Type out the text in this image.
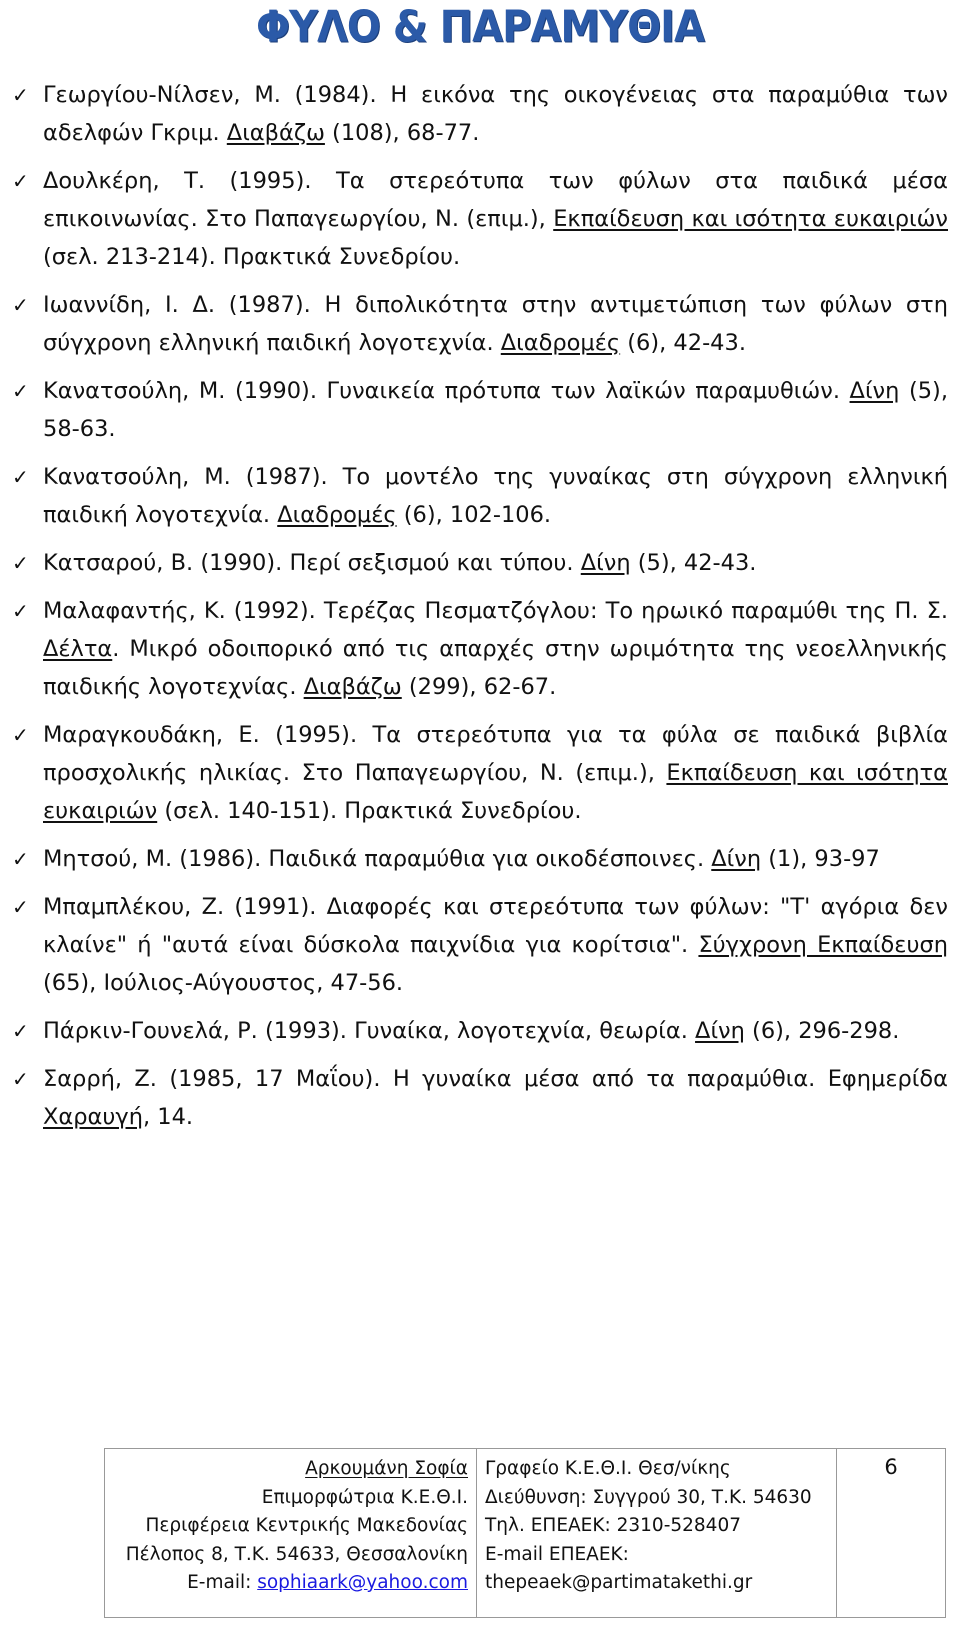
ΦΥΛΟ & ΠΑΡΑΜΥΘΙΑ
✓ Γεωργίου-Νίλσεν, Μ. (1984). Η εικόνα της οικογένειας στα παραμύθια των αδελφών Γκριμ. Διαβάζω (108), 68-77.
✓ Δουλκέρη, Τ. (1995). Τα στερεότυπα των φύλων στα παιδικά μέσα επικοινωνίας. Στο Παπαγεωργίου, Ν. (επιμ.), Εκπαίδευση και ισότητα ευκαιριών (σελ. 213-214). Πρακτικά Συνεδρίου.
✓ Ιωαννίδη, Ι. Δ. (1987). Η διπολικότητα στην αντιμετώπιση των φύλων στη σύγχρονη ελληνική παιδική λογοτεχνία. Διαδρομές (6), 42-43.
✓ Κανατσούλη, Μ. (1990). Γυναικεία πρότυπα των λαϊκών παραμυθιών. Δίνη (5), 58-63.
✓ Κανατσούλη, Μ. (1987). Το μοντέλο της γυναίκας στη σύγχρονη ελληνική παιδική λογοτεχνία. Διαδρομές (6), 102-106.
✓ Κατσαρού, Β. (1990). Περί σεξισμού και τύπου. Δίνη (5), 42-43.
✓ Μαλαφαντής, Κ. (1992). Τερέζας Πεσματζόγλου: Το ηρωικό παραμύθι της Π. Σ. Δέλτα. Μικρό οδοιπορικό από τις απαρχές στην ωριμότητα της νεοελληνικής παιδικής λογοτεχνίας. Διαβάζω (299), 62-67.
✓ Μαραγκουδάκη, Ε. (1995). Τα στερεότυπα για τα φύλα σε παιδικά βιβλία προσχολικής ηλικίας. Στο Παπαγεωργίου, Ν. (επιμ.), Εκπαίδευση και ισότητα ευκαιριών (σελ. 140-151). Πρακτικά Συνεδρίου.
✓ Μητσού, Μ. (1986). Παιδικά παραμύθια για οικοδέσποινες. Δίνη (1), 93-97
✓ Μπαμπλέκου, Ζ. (1991). Διαφορές και στερεότυπα των φύλων: "Τ' αγόρια δεν κλαίνε" ή "αυτά είναι δύσκολα παιχνίδια για κορίτσια". Σύγχρονη Εκπαίδευση (65), Ιούλιος-Αύγουστος, 47-56.
✓ Πάρκιν-Γουνελά, Ρ. (1993). Γυναίκα, λογοτεχνία, θεωρία. Δίνη (6), 296-298.
✓ Σαρρή, Ζ. (1985, 17 Μαΐου). Η γυναίκα μέσα από τα παραμύθια. Εφημερίδα Χαραυγή, 14.
Αρκουμάνη Σοφία
Επιμορφώτρια Κ.Ε.Θ.Ι.
Περιφέρεια Κεντρικής Μακεδονίας
Πέλοπος 8, Τ.Κ. 54633, Θεσσαλονίκη
E-mail: sophiaark@yahoo.com
Γραφείο Κ.Ε.Θ.Ι. Θεσ/νίκης
Διεύθυνση: Συγγρού 30, Τ.Κ. 54630
Τηλ. ΕΠΕΑΕΚ: 2310-528407
E-mail ΕΠΕΑΕΚ:
thepeaek@partimatakethi.gr
6
